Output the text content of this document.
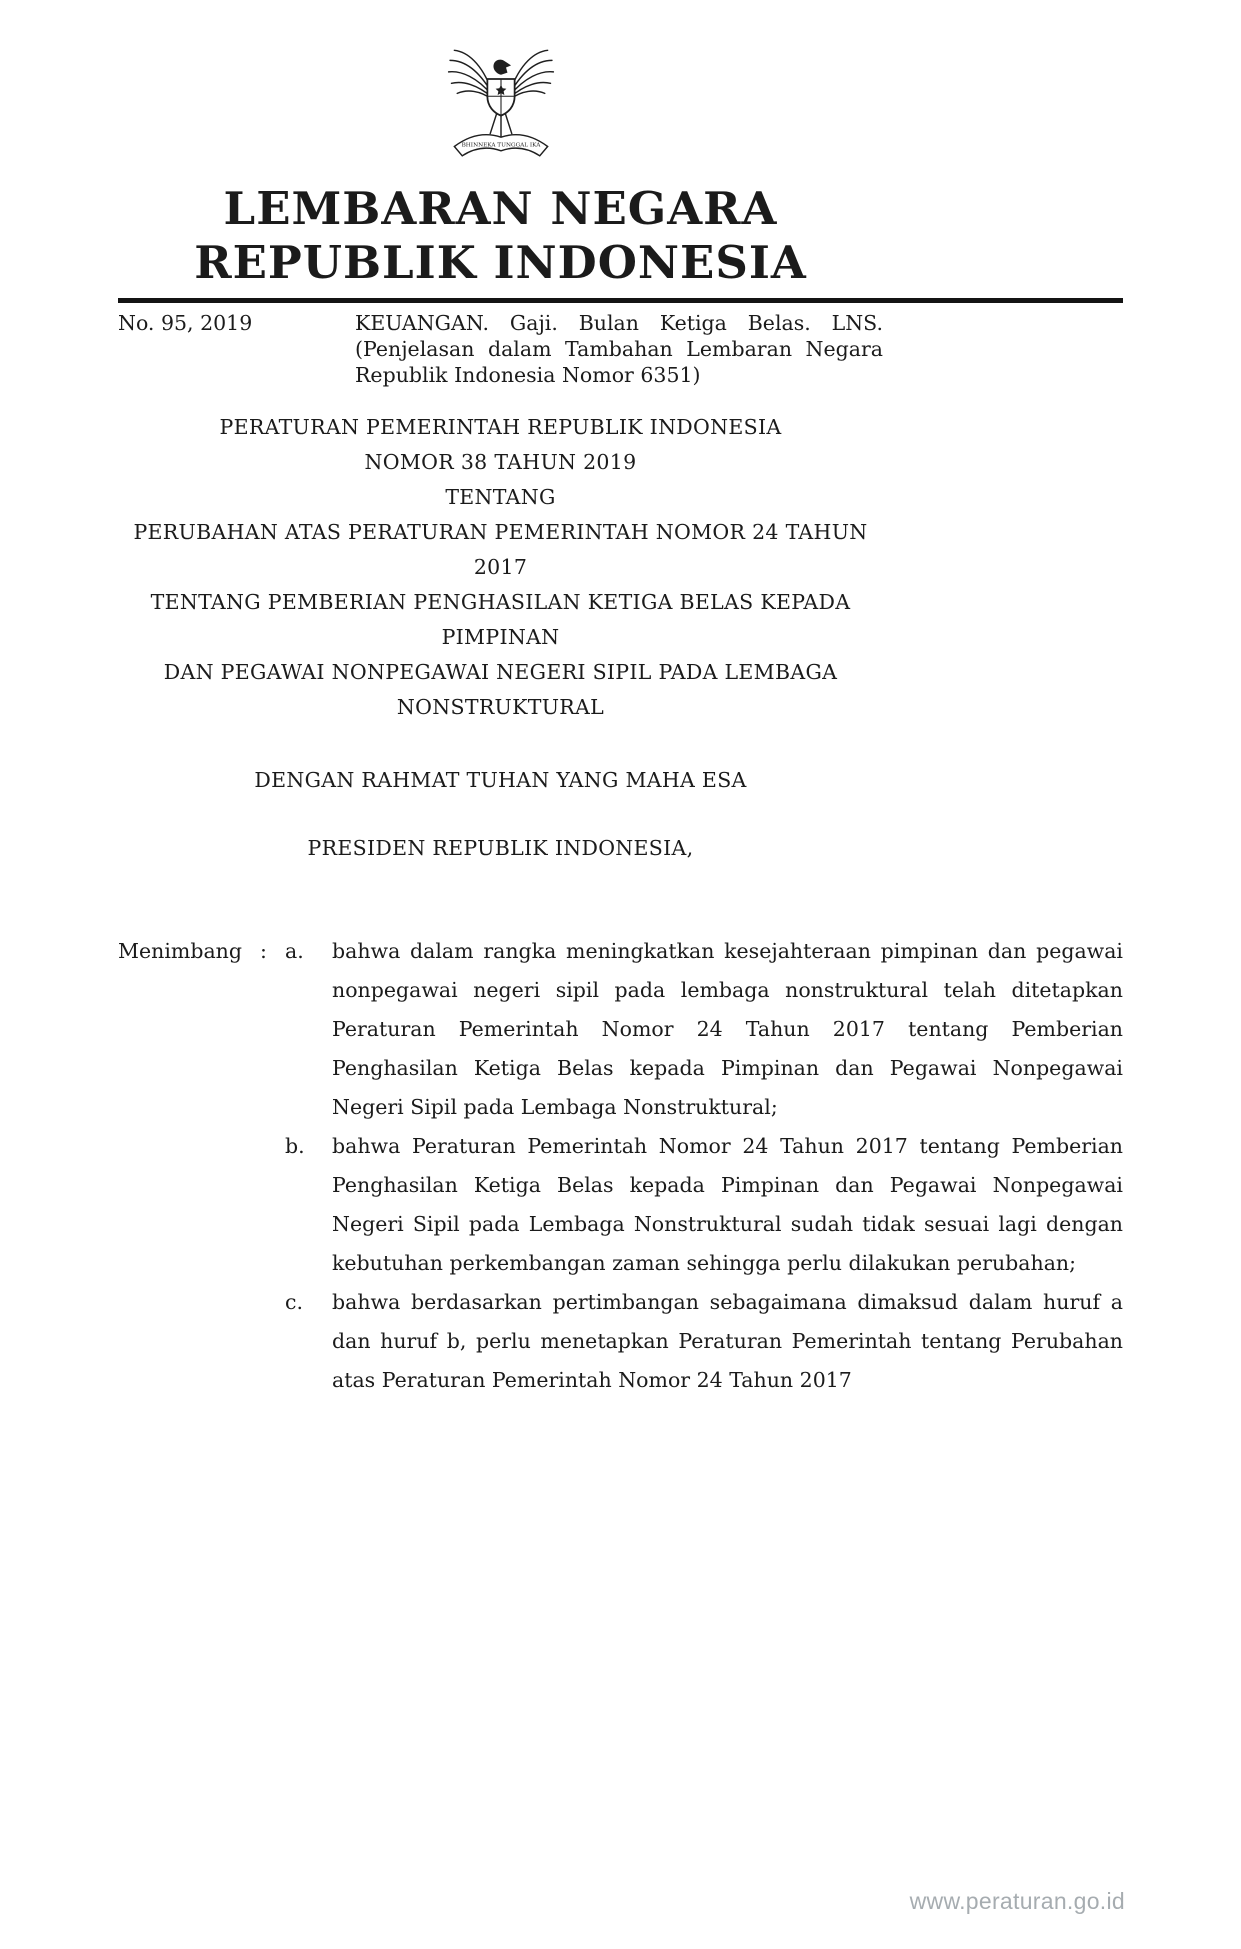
BHINNEKA TUNGGAL IKA
LEMBARAN NEGARA
REPUBLIK INDONESIA
No. 95, 2019	KEUANGAN. Gaji. Bulan Ketiga Belas. LNS. (Penjelasan dalam Tambahan Lembaran Negara Republik Indonesia Nomor 6351)
PERATURAN PEMERINTAH REPUBLIK INDONESIA
NOMOR 38 TAHUN 2019
TENTANG
PERUBAHAN ATAS PERATURAN PEMERINTAH NOMOR 24 TAHUN 2017
TENTANG PEMBERIAN PENGHASILAN KETIGA BELAS KEPADA PIMPINAN
DAN PEGAWAI NONPEGAWAI NEGERI SIPIL PADA LEMBAGA
NONSTRUKTURAL
DENGAN RAHMAT TUHAN YANG MAHA ESA
PRESIDEN REPUBLIK INDONESIA,
Menimbang : a.	bahwa dalam rangka meningkatkan kesejahteraan pimpinan dan pegawai nonpegawai negeri sipil pada lembaga nonstruktural telah ditetapkan Peraturan Pemerintah Nomor 24 Tahun 2017 tentang Pemberian Penghasilan Ketiga Belas kepada Pimpinan dan Pegawai Nonpegawai Negeri Sipil pada Lembaga Nonstruktural;
b.	bahwa Peraturan Pemerintah Nomor 24 Tahun 2017 tentang Pemberian Penghasilan Ketiga Belas kepada Pimpinan dan Pegawai Nonpegawai Negeri Sipil pada Lembaga Nonstruktural sudah tidak sesuai lagi dengan kebutuhan perkembangan zaman sehingga perlu dilakukan perubahan;
c.	bahwa berdasarkan pertimbangan sebagaimana dimaksud dalam huruf a dan huruf b, perlu menetapkan Peraturan Pemerintah tentang Perubahan atas Peraturan Pemerintah Nomor 24 Tahun 2017
www.peraturan.go.id
